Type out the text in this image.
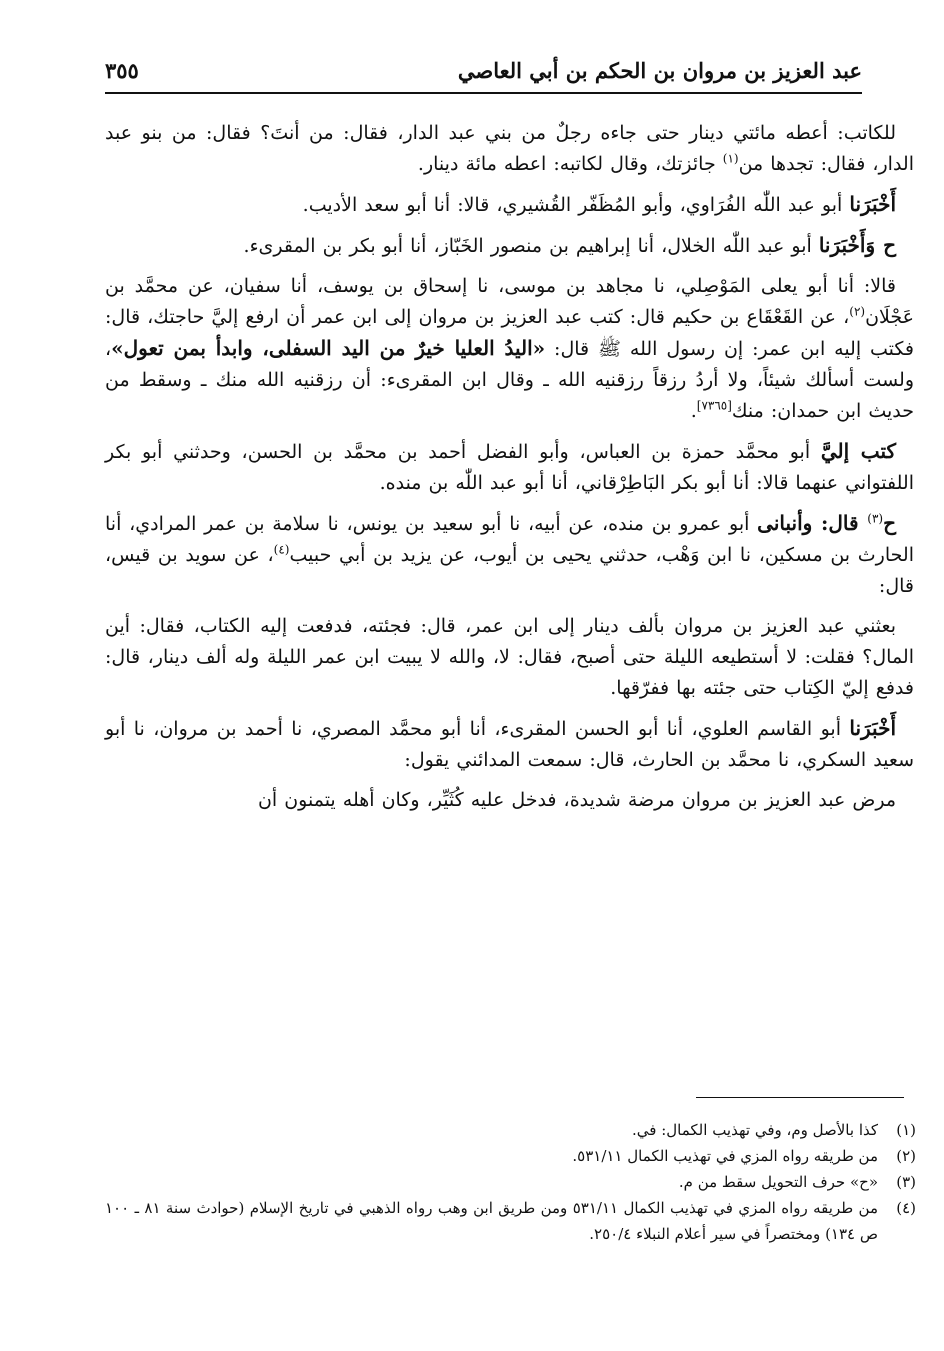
عبد العزيز بن مروان بن الحكم بن أبي العاصي
٣٥٥

للكاتب: أعطه مائتي دينار حتى جاءه رجلٌ من بني عبد الدار، فقال: من أنتَ؟ فقال: من بنو عبد الدار، فقال: تجدها من$^{(١)}$ جائزتك، وقال لكاتبه: اعطه مائة دينار.

أَخْبَرَنا أبو عبد اللّٰه الفُرَاوي، وأبو المُظَفّر القُشيري، قالا: أنا أبو سعد الأديب.

ح وَأَخْبَرَنا أبو عبد اللّٰه الخلال، أنا إبراهيم بن منصور الخَبّاز، أنا أبو بكر بن المقرىء.

قالا: أنا أبو يعلى المَوْصِلي، نا مجاهد بن موسى، نا إسحاق بن يوسف، أنا سفيان، عن محمَّد بن عَجْلَان$^{(٢)}$، عن القَعْقَاع بن حكيم قال: كتب عبد العزيز بن مروان إلى ابن عمر أن ارفع إليَّ حاجتك، قال: فكتب إليه ابن عمر: إن رسول الله ﷺ قال: «اليدُ العليا خيرٌ من اليد السفلى، وابدأ بمن تعول»، ولست أسألك شيئاً، ولا أردُ رزقاً رزقنيه الله ـ وقال ابن المقرىء: أن رزقنيه الله منك ـ وسقط من حديث ابن حمدان: منك[٧٣٦٥].

كتب إليَّ أبو محمَّد حمزة بن العباس، وأبو الفضل أحمد بن محمَّد بن الحسن، وحدثني أبو بكر اللفتواني عنهما قالا: أنا أبو بكر البَاطِرْقاني، أنا أبو عبد اللّٰه بن منده.

ح$^{(٣)}$ قال: وأنبانى أبو عمرو بن منده، عن أبيه، نا أبو سعيد بن يونس، نا سلامة بن عمر المرادي، أنا الحارث بن مسكين، نا ابن وَهْب، حدثني يحيى بن أيوب، عن يزيد بن أبي حبيب$^{(٤)}$، عن سويد بن قيس، قال:

بعثني عبد العزيز بن مروان بألف دينار إلى ابن عمر، قال: فجئته، فدفعت إليه الكتاب، فقال: أين المال؟ فقلت: لا أستطيعه الليلة حتى أصبح، فقال: لا، والله لا يبيت ابن عمر الليلة وله ألف دينار، قال: فدفع إليّ الكِتاب حتى جئته بها ففرّقها.

أَخْبَرَنا أبو القاسم العلوي، أنا أبو الحسن المقرىء، أنا أبو محمَّد المصري، نا أحمد بن مروان، نا أبو سعيد السكري، نا محمَّد بن الحارث، قال: سمعت المدائني يقول:

مرض عبد العزيز بن مروان مرضة شديدة، فدخل عليه كُثَيِّر، وكان أهله يتمنون أن

(١)
كذا بالأصل وم، وفي تهذيب الكمال: في.
(٢)
من طريقه رواه المزي في تهذيب الكمال ٥٣١/١١.
(٣)
«ح» حرف التحويل سقط من م.
(٤)
من طريقه رواه المزي في تهذيب الكمال ٥٣١/١١ ومن طريق ابن وهب رواه الذهبي في تاريخ الإسلام (حوادث سنة ٨١ ـ ١٠٠ ص ١٣٤) ومختصراً في سير أعلام النبلاء ٢٥٠/٤.
